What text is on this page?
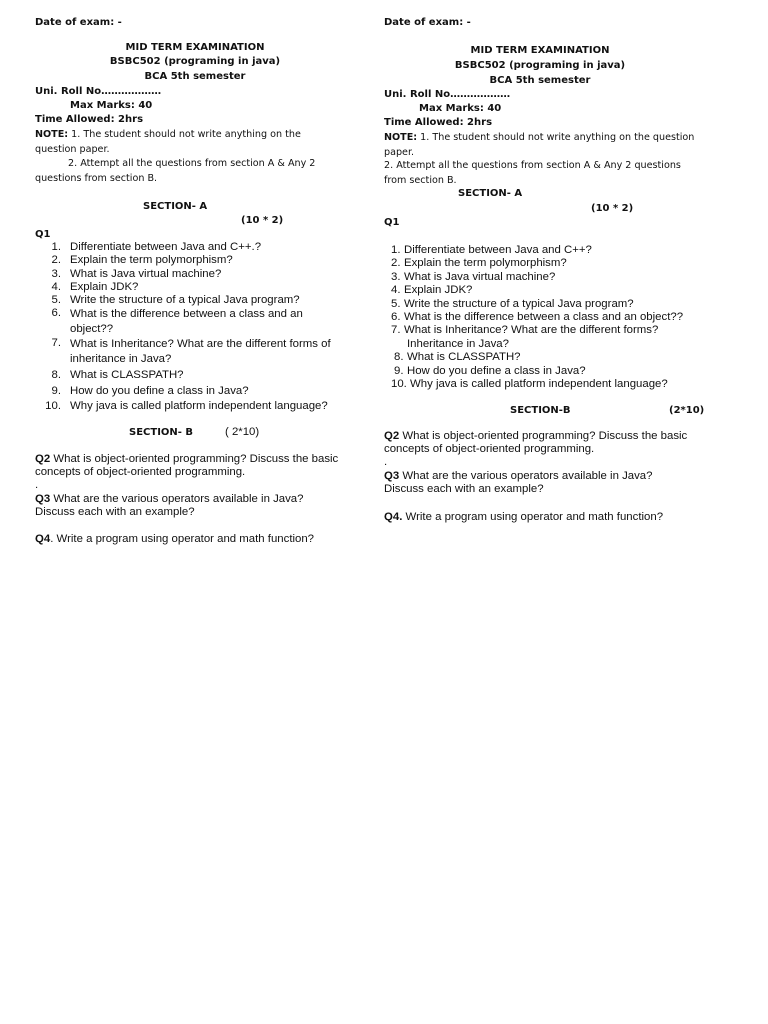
Date of exam: -
MID TERM EXAMINATION
BSBC502 (programing in java)
BCA 5th semester
Uni. Roll No………………
Max Marks: 40
Time Allowed: 2hrs
NOTE: 1. The student should not write anything on the question paper.
2. Attempt all the questions from section A & Any 2 questions from section B.
SECTION- A
(10 * 2)
Q1
1. Differentiate between Java and C++.?
2. Explain the term polymorphism?
3. What is Java virtual machine?
4. Explain JDK?
5. Write the structure of a typical Java program?
6. What is the difference between a class and an object??
7. What is Inheritance? What are the different forms of inheritance in Java?
8. What is CLASSPATH?
9. How do you define a class in Java?
10. Why java is called platform independent language?
SECTION- B	( 2*10)
Q2 What is object-oriented programming? Discuss the basic concepts of object-oriented programming.
.
Q3 What are the various operators available in Java? Discuss each with an example?
Q4. Write a program using operator and math function?
Date of exam: -
MID TERM EXAMINATION
BSBC502 (programing in java)
BCA 5th semester
Uni. Roll No………………
Max Marks: 40
Time Allowed: 2hrs
NOTE: 1. The student should not write anything on the question paper.
2. Attempt all the questions from section A & Any 2 questions from section B.
SECTION- A
(10 * 2)
Q1
1. Differentiate between Java and C++?
2. Explain the term polymorphism?
3. What is Java virtual machine?
4. Explain JDK?
5. Write the structure of a typical Java program?
6. What is the difference between a class and an object??
7. What is Inheritance? What are the different forms?
Inheritance in Java?
8. What is CLASSPATH?
9. How do you define a class in Java?
10. Why java is called platform independent language?
SECTION-B	(2*10)
Q2 What is object-oriented programming? Discuss the basic concepts of object-oriented programming.
.
Q3 What are the various operators available in Java? Discuss each with an example?
Q4. Write a program using operator and math function?
